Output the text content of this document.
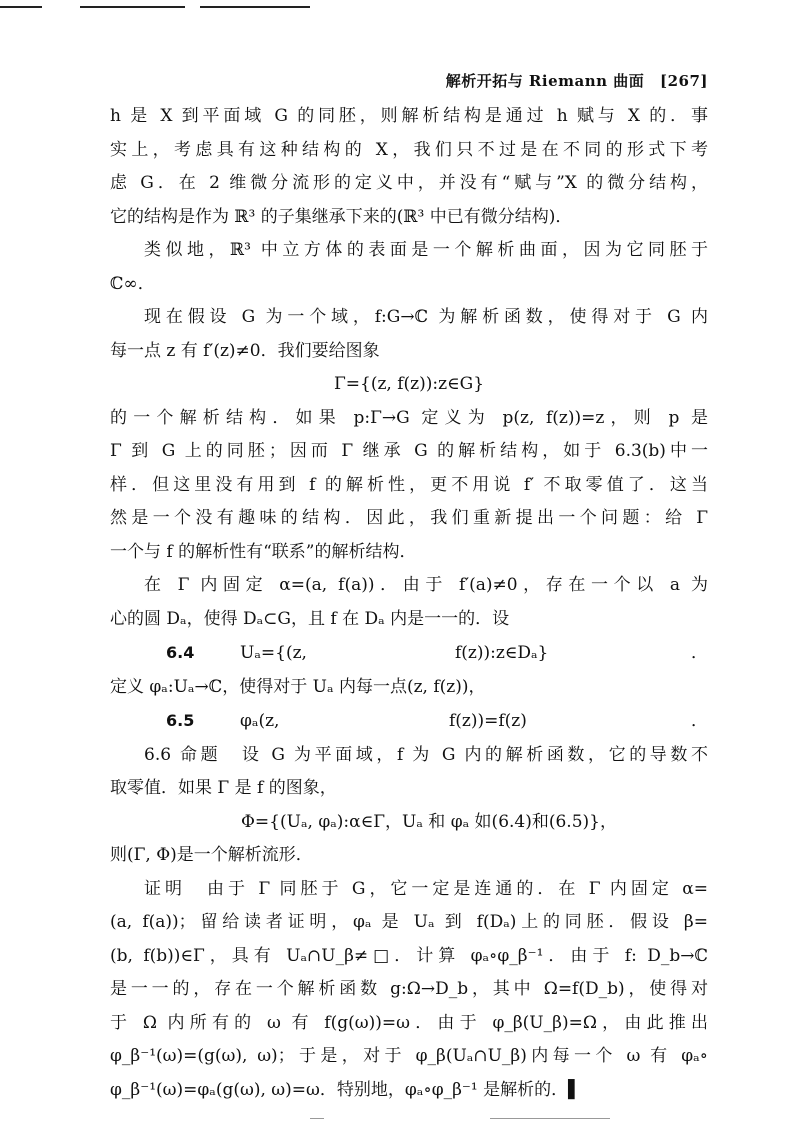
解析开拓与 Riemann 曲面 [267]

h 是 X 到平面域 G 的同胚，则解析结构是通过 h 赋与 X 的．事

实上，考虑具有这种结构的 X，我们只不过是在不同的形式下考

虑 G．在 2 维微分流形的定义中，并没有“赋与”X 的微分结构，

它的结构是作为 ℝ³ 的子集继承下来的(ℝ³ 中已有微分结构)．

类似地，ℝ³ 中立方体的表面是一个解析曲面，因为它同胚于

ℂ∞．

现在假设 G 为一个域，f:G→ℂ 为解析函数，使得对于 G 内

每一点 z 有 f′(z)≠0．我们要给图象

Γ={(z, f(z)):z∈G}

的一个解析结构．如果 p:Γ→G 定义为 p(z, f(z))=z，则 p 是

Γ 到 G 上的同胚；因而 Γ 继承 G 的解析结构，如于 6.3(b)中一

样．但这里没有用到 f 的解析性，更不用说 f′ 不取零值了．这当

然是一个没有趣味的结构．因此，我们重新提出一个问题：给 Γ

一个与 f 的解析性有“联系”的解析结构．

在 Γ 内固定 α=(a, f(a))．由于 f′(a)≠0，存在一个以 a 为

心的圆 Dₐ，使得 Dₐ⊂G，且 f 在 Dₐ 内是一一的．设

6.4	Uₐ={(z, f(z)):z∈Dₐ}．

定义 φₐ:Uₐ→ℂ，使得对于 Uₐ 内每一点(z, f(z))，

6.5	φₐ(z, f(z))=f(z)．

6.6 命题　设 G 为平面域，f 为 G 内的解析函数，它的导数不

取零值．如果 Γ 是 f 的图象，

Φ={(Uₐ, φₐ):α∈Γ，Uₐ 和 φₐ 如(6.4)和(6.5)}，

则(Γ, Φ)是一个解析流形．

证明　由于 Γ 同胚于 G，它一定是连通的．在 Γ 内固定 α=

(a, f(a))；留给读者证明，φₐ 是 Uₐ 到 f(Dₐ)上的同胚．假设 β=

(b, f(b))∈Γ，具有 Uₐ∩U_β≠□．计算 φₐ∘φ_β⁻¹．由于 f: D_b→ℂ

是一一的，存在一个解析函数 g:Ω→D_b，其中 Ω=f(D_b)，使得对

于 Ω 内所有的 ω 有 f(g(ω))=ω．由于 φ_β(U_β)=Ω，由此推出

φ_β⁻¹(ω)=(g(ω), ω)；于是，对于 φ_β(Uₐ∩U_β)内每一个 ω 有 φₐ∘

φ_β⁻¹(ω)=φₐ(g(ω), ω)=ω．特别地，φₐ∘φ_β⁻¹ 是解析的．▌
